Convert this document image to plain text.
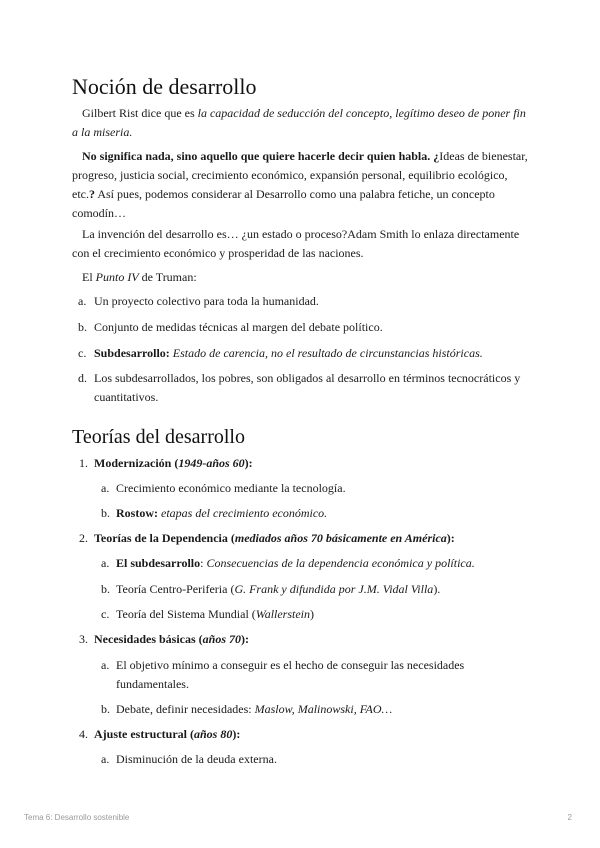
Noción de desarrollo

Gilbert Rist dice que es la capacidad de seducción del concepto, legítimo deseo de poner fin a la miseria.

No significa nada, sino aquello que quiere hacerle decir quien habla. ¿Ideas de bienestar, progreso, justicia social, crecimiento económico, expansión personal, equilibrio ecológico, etc.? Así pues, podemos considerar al Desarrollo como una palabra fetiche, un concepto comodín…

La invención del desarrollo es… ¿un estado o proceso?Adam Smith lo enlaza directamente con el crecimiento económico y prosperidad de las naciones.

El Punto IV de Truman:

a. Un proyecto colectivo para toda la humanidad.
b. Conjunto de medidas técnicas al margen del debate político.
c. Subdesarrollo: Estado de carencia, no el resultado de circunstancias históricas.
d. Los subdesarrollados, los pobres, son obligados al desarrollo en términos tecnocráticos y cuantitativos.
Teorías del desarrollo
1. Modernización (1949-años 60):
a. Crecimiento económico mediante la tecnología.
b. Rostow: etapas del crecimiento económico.
2. Teorías de la Dependencia (mediados años 70 básicamente en América):
a. El subdesarrollo: Consecuencias de la dependencia económica y política.
b. Teoría Centro-Periferia (G. Frank y difundida por J.M. Vidal Villa).
c. Teoría del Sistema Mundial (Wallerstein)
3. Necesidades básicas (años 70):
a. El objetivo mínimo a conseguir es el hecho de conseguir las necesidades fundamentales.
b. Debate, definir necesidades: Maslow, Malinowski, FAO…
4. Ajuste estructural (años 80):
a. Disminución de la deuda externa.
Tema 6: Desarrollo sostenible	2
